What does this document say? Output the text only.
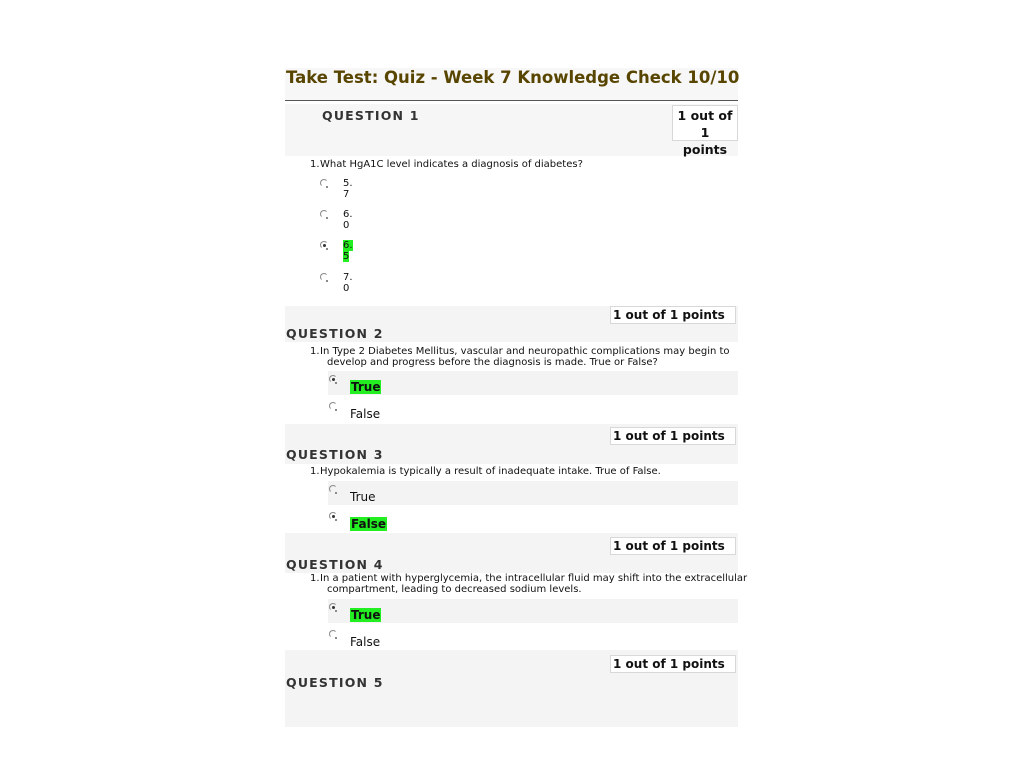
Take Test: Quiz - Week 7 Knowledge Check 10/10
QUESTION 1	1 out of 1
points
1.What HgA1C level indicates a diagnosis of diabetes?
5.
7
6.
0
6.
5
7.
0
1 out of 1 points
QUESTION 2
1.In Type 2 Diabetes Mellitus, vascular and neuropathic complications may begin to
develop and progress before the diagnosis is made. True or False?
True
False
1 out of 1 points
QUESTION 3
1.Hypokalemia is typically a result of inadequate intake. True of False.
True
False
1 out of 1 points
QUESTION 4
1.In a patient with hyperglycemia, the intracellular fluid may shift into the extracellular
compartment, leading to decreased sodium levels.
True
False
1 out of 1 points
QUESTION 5
